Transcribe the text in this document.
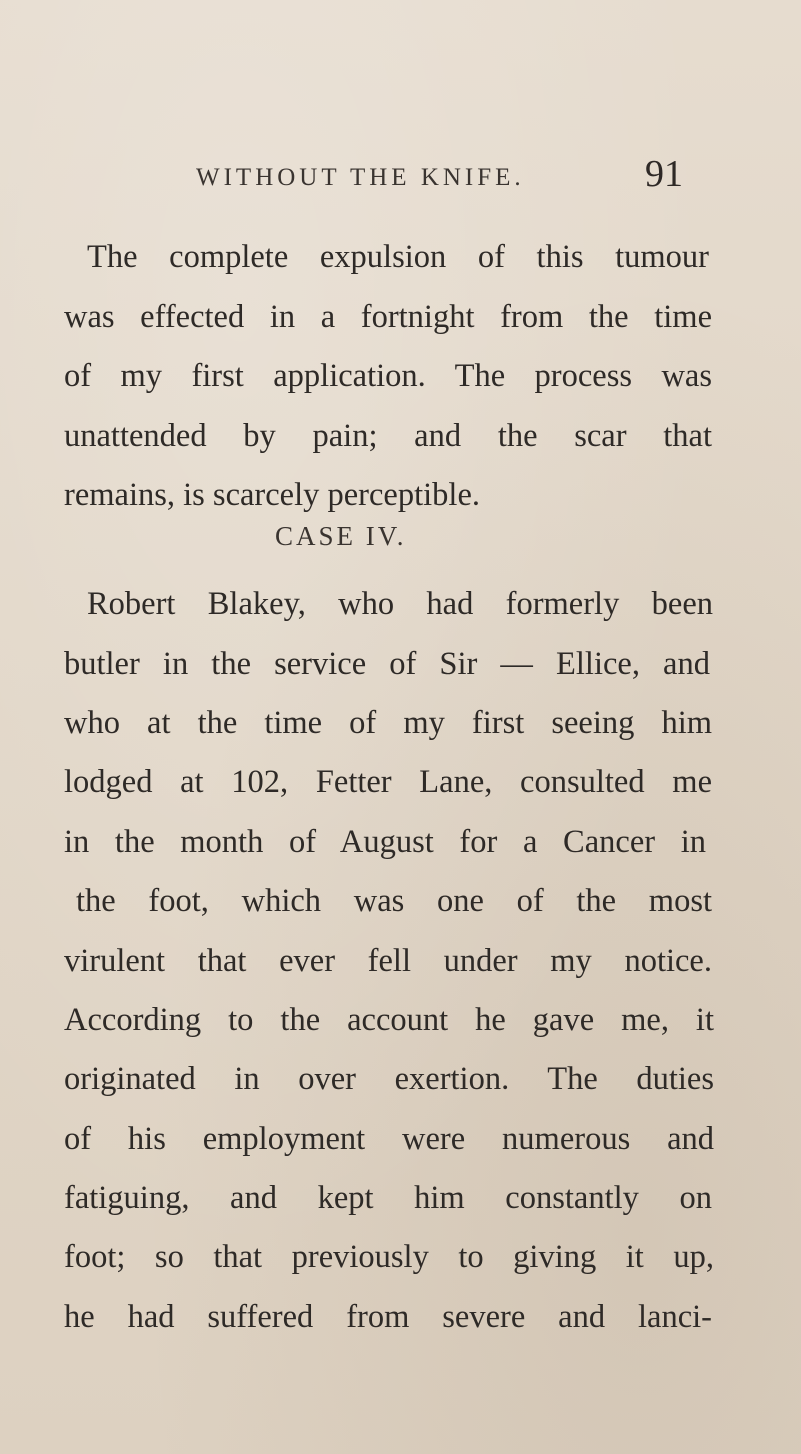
WITHOUT THE KNIFE.	91
The complete expulsion of this tumour
was effected in a fortnight from the time
of my first application. The process was
unattended by pain; and the scar that
remains, is scarcely perceptible.
CASE IV.
Robert Blakey, who had formerly been
butler in the service of Sir — Ellice, and
who at the time of my first seeing him
lodged at 102, Fetter Lane, consulted me
in the month of August for a Cancer in
the foot, which was one of the most
virulent that ever fell under my notice.
According to the account he gave me, it
originated in over exertion. The duties
of his employment were numerous and
fatiguing, and kept him constantly on
foot; so that previously to giving it up,
he had suffered from severe and lanci-
